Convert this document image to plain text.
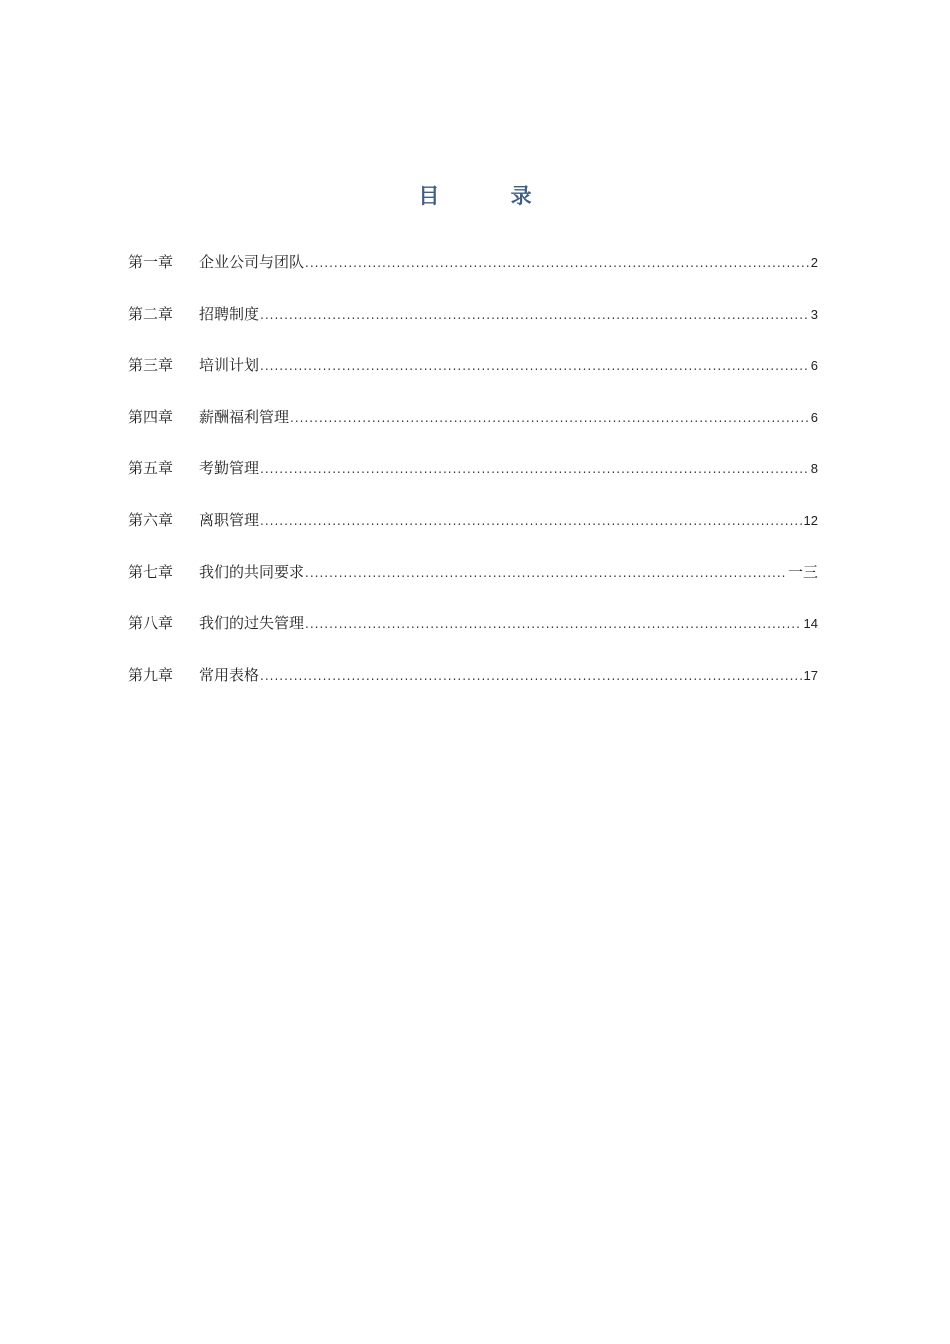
目 录
第一章	企业公司与团队 .....	2
第二章	招聘制度 .....	3
第三章	培训计划 .....	6
第四章	薪酬福利管理 .....	6
第五章	考勤管理 .....	8
第六章	离职管理 .....	12
第七章	我们的共同要求 .....	一三
第八章	我们的过失管理 .....	14
第九章	常用表格 .....	17
